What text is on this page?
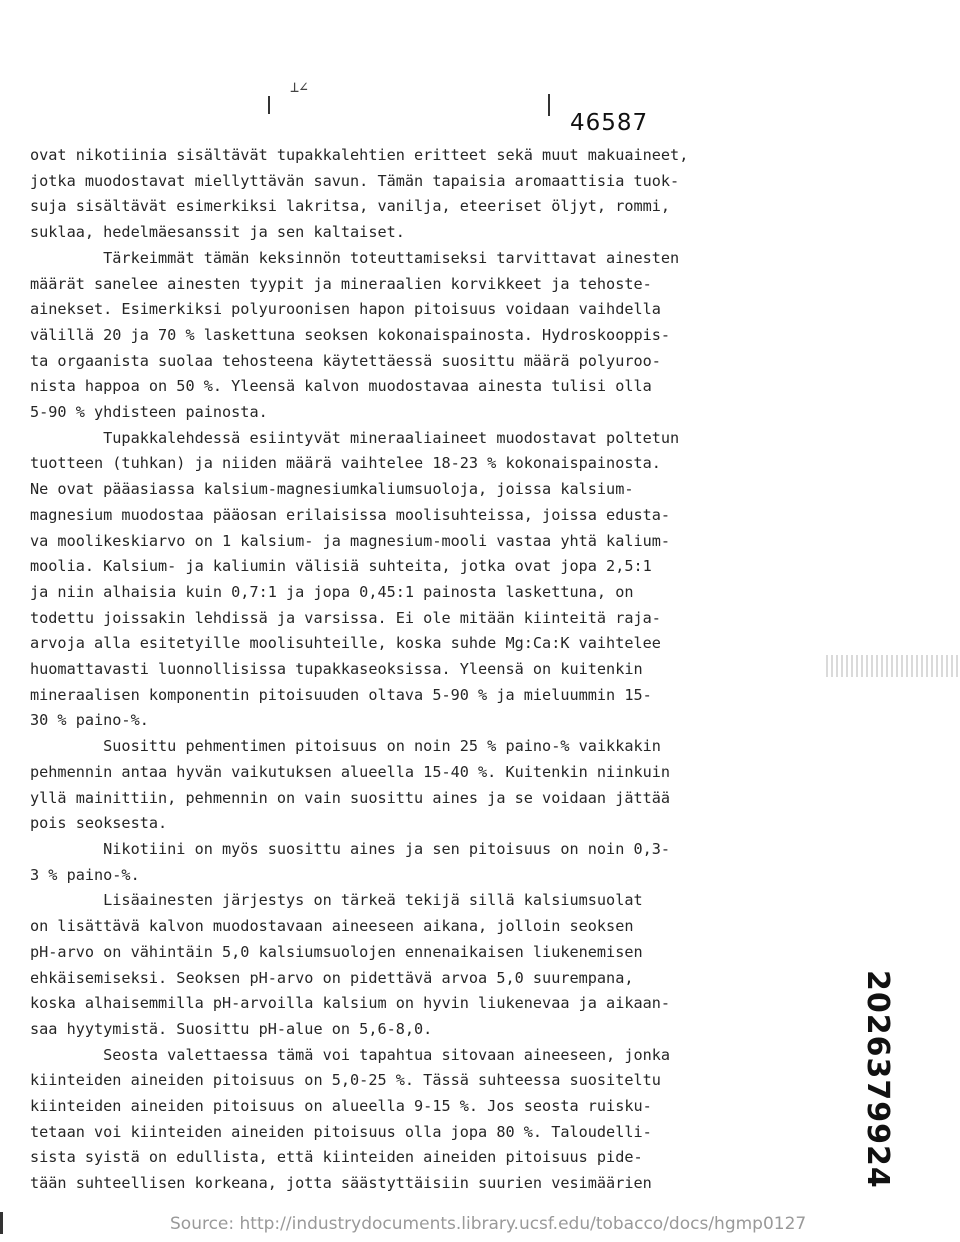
⊥∠
46587
ovat nikotiinia sisältävät tupakkalehtien eritteet sekä muut makuaineet,
jotka muodostavat miellyttävän savun. Tämän tapaisia aromaattisia tuok-
suja sisältävät esimerkiksi lakritsa, vanilja, eteeriset öljyt, rommi,
suklaa, hedelmäesanssit ja sen kaltaiset.
Tärkeimmät tämän keksinnön toteuttamiseksi tarvittavat ainesten
määrät sanelee ainesten tyypit ja mineraalien korvikkeet ja tehoste-
ainekset. Esimerkiksi polyuroonisen hapon pitoisuus voidaan vaihdella
välillä 20 ja 70 % laskettuna seoksen kokonaispainosta. Hydroskooppis-
ta orgaanista suolaa tehosteena käytettäessä suosittu määrä polyuroo-
nista happoa on 50 %. Yleensä kalvon muodostavaa ainesta tulisi olla
5-90 % yhdisteen painosta.
Tupakkalehdessä esiintyvät mineraaliaineet muodostavat poltetun
tuotteen (tuhkan) ja niiden määrä vaihtelee 18-23 % kokonaispainosta.
Ne ovat pääasiassa kalsium-magnesiumkaliumsuoloja, joissa kalsium-
magnesium muodostaa pääosan erilaisissa moolisuhteissa, joissa edusta-
va moolikeskiarvo on 1 kalsium- ja magnesium-mooli vastaa yhtä kalium-
moolia. Kalsium- ja kaliumin välisiä suhteita, jotka ovat jopa 2,5:1
ja niin alhaisia kuin 0,7:1 ja jopa 0,45:1 painosta laskettuna, on
todettu joissakin lehdissä ja varsissa. Ei ole mitään kiinteitä raja-
arvoja alla esitetyille moolisuhteille, koska suhde Mg:Ca:K vaihtelee
huomattavasti luonnollisissa tupakkaseoksissa. Yleensä on kuitenkin
mineraalisen komponentin pitoisuuden oltava 5-90 % ja mieluummin 15-
30 % paino-%.
Suosittu pehmentimen pitoisuus on noin 25 % paino-% vaikkakin
pehmennin antaa hyvän vaikutuksen alueella 15-40 %. Kuitenkin niinkuin
yllä mainittiin, pehmennin on vain suosittu aines ja se voidaan jättää
pois seoksesta.
Nikotiini on myös suosittu aines ja sen pitoisuus on noin 0,3-
3 % paino-%.
Lisäainesten järjestys on tärkeä tekijä sillä kalsiumsuolat
on lisättävä kalvon muodostavaan aineeseen aikana, jolloin seoksen
pH-arvo on vähintäin 5,0 kalsiumsuolojen ennenaikaisen liukenemisen
ehkäisemiseksi. Seoksen pH-arvo on pidettävä arvoa 5,0 suurempana,
koska alhaisemmilla pH-arvoilla kalsium on hyvin liukenevaa ja aikaan-
saa hyytymistä. Suosittu pH-alue on 5,6-8,0.
Seosta valettaessa tämä voi tapahtua sitovaan aineeseen, jonka
kiinteiden aineiden pitoisuus on 5,0-25 %. Tässä suhteessa suositeltu
kiinteiden aineiden pitoisuus on alueella 9-15 %. Jos seosta ruisku-
tetaan voi kiinteiden aineiden pitoisuus olla jopa 80 %. Taloudelli-
sista syistä on edullista, että kiinteiden aineiden pitoisuus pide-
tään suhteellisen korkeana, jotta säästyttäisiin suurien vesimäärien	2026379924
Source: http://industrydocuments.library.ucsf.edu/tobacco/docs/hgmp0127
